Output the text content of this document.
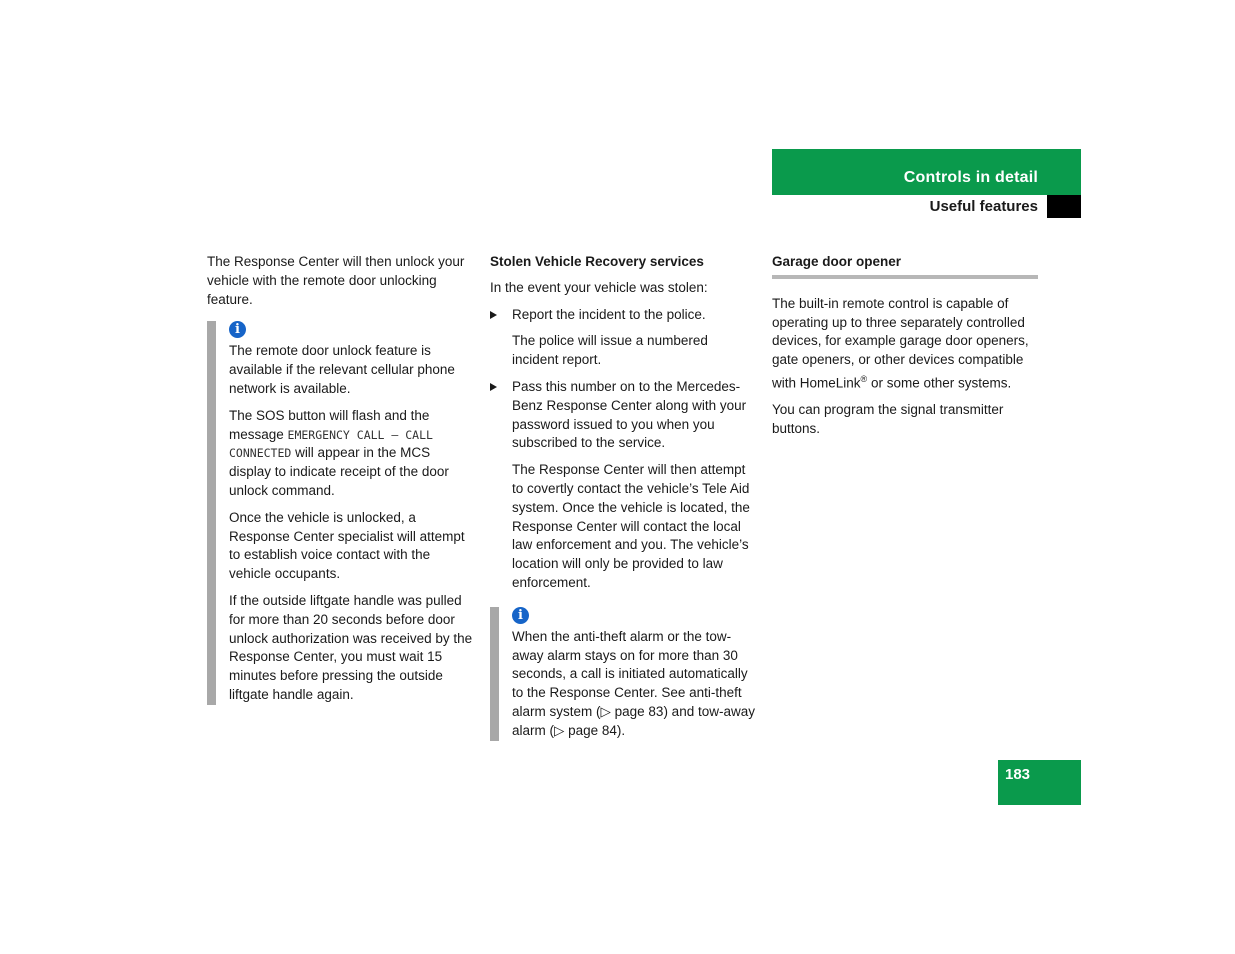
Controls in detail
Useful features

The Response Center will then unlock your vehicle with the remote door unlocking feature.

i

The remote door unlock feature is available if the relevant cellular phone network is available.

The SOS button will flash and the message EMERGENCY CALL – CALL CONNECTED will appear in the MCS display to indicate receipt of the door unlock command.

Once the vehicle is unlocked, a Response Center specialist will attempt to establish voice contact with the vehicle occupants.

If the outside liftgate handle was pulled for more than 20 seconds before door unlock authorization was received by the Response Center, you must wait 15 minutes before pressing the outside liftgate handle again.

Stolen Vehicle Recovery services

In the event your vehicle was stolen:

Report the incident to the police.
The police will issue a numbered incident report.
Pass this number on to the Mercedes-Benz Response Center along with your password issued to you when you subscribed to the service.
The Response Center will then attempt to covertly contact the vehicle’s Tele Aid system. Once the vehicle is located, the Response Center will contact the local law enforcement and you. The vehicle’s location will only be provided to law enforcement.
i

When the anti-theft alarm or the tow-away alarm stays on for more than 30 seconds, a call is initiated automatically to the Response Center. See anti-theft alarm system (▷ page 83) and tow-away alarm (▷ page 84).

Garage door opener

The built-in remote control is capable of operating up to three separately controlled devices, for example garage door openers, gate openers, or other devices compatible with HomeLink® or some other systems.

You can program the signal transmitter buttons.

183
